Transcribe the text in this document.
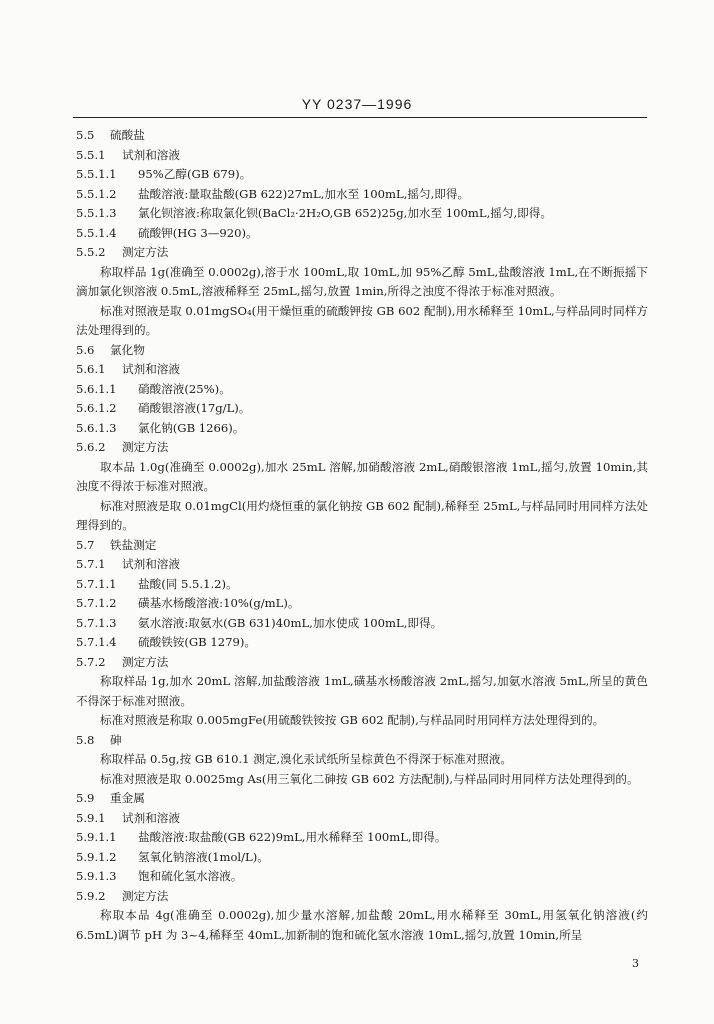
YY 0237—1996
5.5 硫酸盐
5.5.1 试剂和溶液
5.5.1.1 95%乙醇(GB 679)。
5.5.1.2 盐酸溶液:量取盐酸(GB 622)27mL,加水至 100mL,摇匀,即得。
5.5.1.3 氯化钡溶液:称取氯化钡(BaCl₂·2H₂O,GB 652)25g,加水至 100mL,摇匀,即得。
5.5.1.4 硫酸钾(HG 3—920)。
5.5.2 测定方法
称取样品 1g(准确至 0.0002g),溶于水 100mL,取 10mL,加 95%乙醇 5mL,盐酸溶液 1mL,在不断振摇下滴加氯化钡溶液 0.5mL,溶液稀释至 25mL,摇匀,放置 1min,所得之浊度不得浓于标准对照液。
标准对照液是取 0.01mgSO₄(用干燥恒重的硫酸钾按 GB 602 配制),用水稀释至 10mL,与样品同时同样方法处理得到的。
5.6 氯化物
5.6.1 试剂和溶液
5.6.1.1 硝酸溶液(25%)。
5.6.1.2 硝酸银溶液(17g/L)。
5.6.1.3 氯化钠(GB 1266)。
5.6.2 测定方法
取本品 1.0g(准确至 0.0002g),加水 25mL 溶解,加硝酸溶液 2mL,硝酸银溶液 1mL,摇匀,放置 10min,其浊度不得浓于标准对照液。
标准对照液是取 0.01mgCl(用灼烧恒重的氯化钠按 GB 602 配制),稀释至 25mL,与样品同时用同样方法处理得到的。
5.7 铁盐测定
5.7.1 试剂和溶液
5.7.1.1 盐酸(同 5.5.1.2)。
5.7.1.2 磺基水杨酸溶液:10%(g/mL)。
5.7.1.3 氨水溶液:取氨水(GB 631)40mL,加水使成 100mL,即得。
5.7.1.4 硫酸铁铵(GB 1279)。
5.7.2 测定方法
称取样品 1g,加水 20mL 溶解,加盐酸溶液 1mL,磺基水杨酸溶液 2mL,摇匀,加氨水溶液 5mL,所呈的黄色不得深于标准对照液。
标准对照液是称取 0.005mgFe(用硫酸铁铵按 GB 602 配制),与样品同时用同样方法处理得到的。
5.8 砷
称取样品 0.5g,按 GB 610.1 测定,溴化汞试纸所呈棕黄色不得深于标准对照液。
标准对照液是取 0.0025mg As(用三氧化二砷按 GB 602 方法配制),与样品同时用同样方法处理得到的。
5.9 重金属
5.9.1 试剂和溶液
5.9.1.1 盐酸溶液:取盐酸(GB 622)9mL,用水稀释至 100mL,即得。
5.9.1.2 氢氧化钠溶液(1mol/L)。
5.9.1.3 饱和硫化氢水溶液。
5.9.2 测定方法
称取本品 4g(准确至 0.0002g),加少量水溶解,加盐酸 20mL,用水稀释至 30mL,用氢氧化钠溶液(约 6.5mL)调节 pH 为 3~4,稀释至 40mL,加新制的饱和硫化氢水溶液 10mL,摇匀,放置 10min,所呈
3
